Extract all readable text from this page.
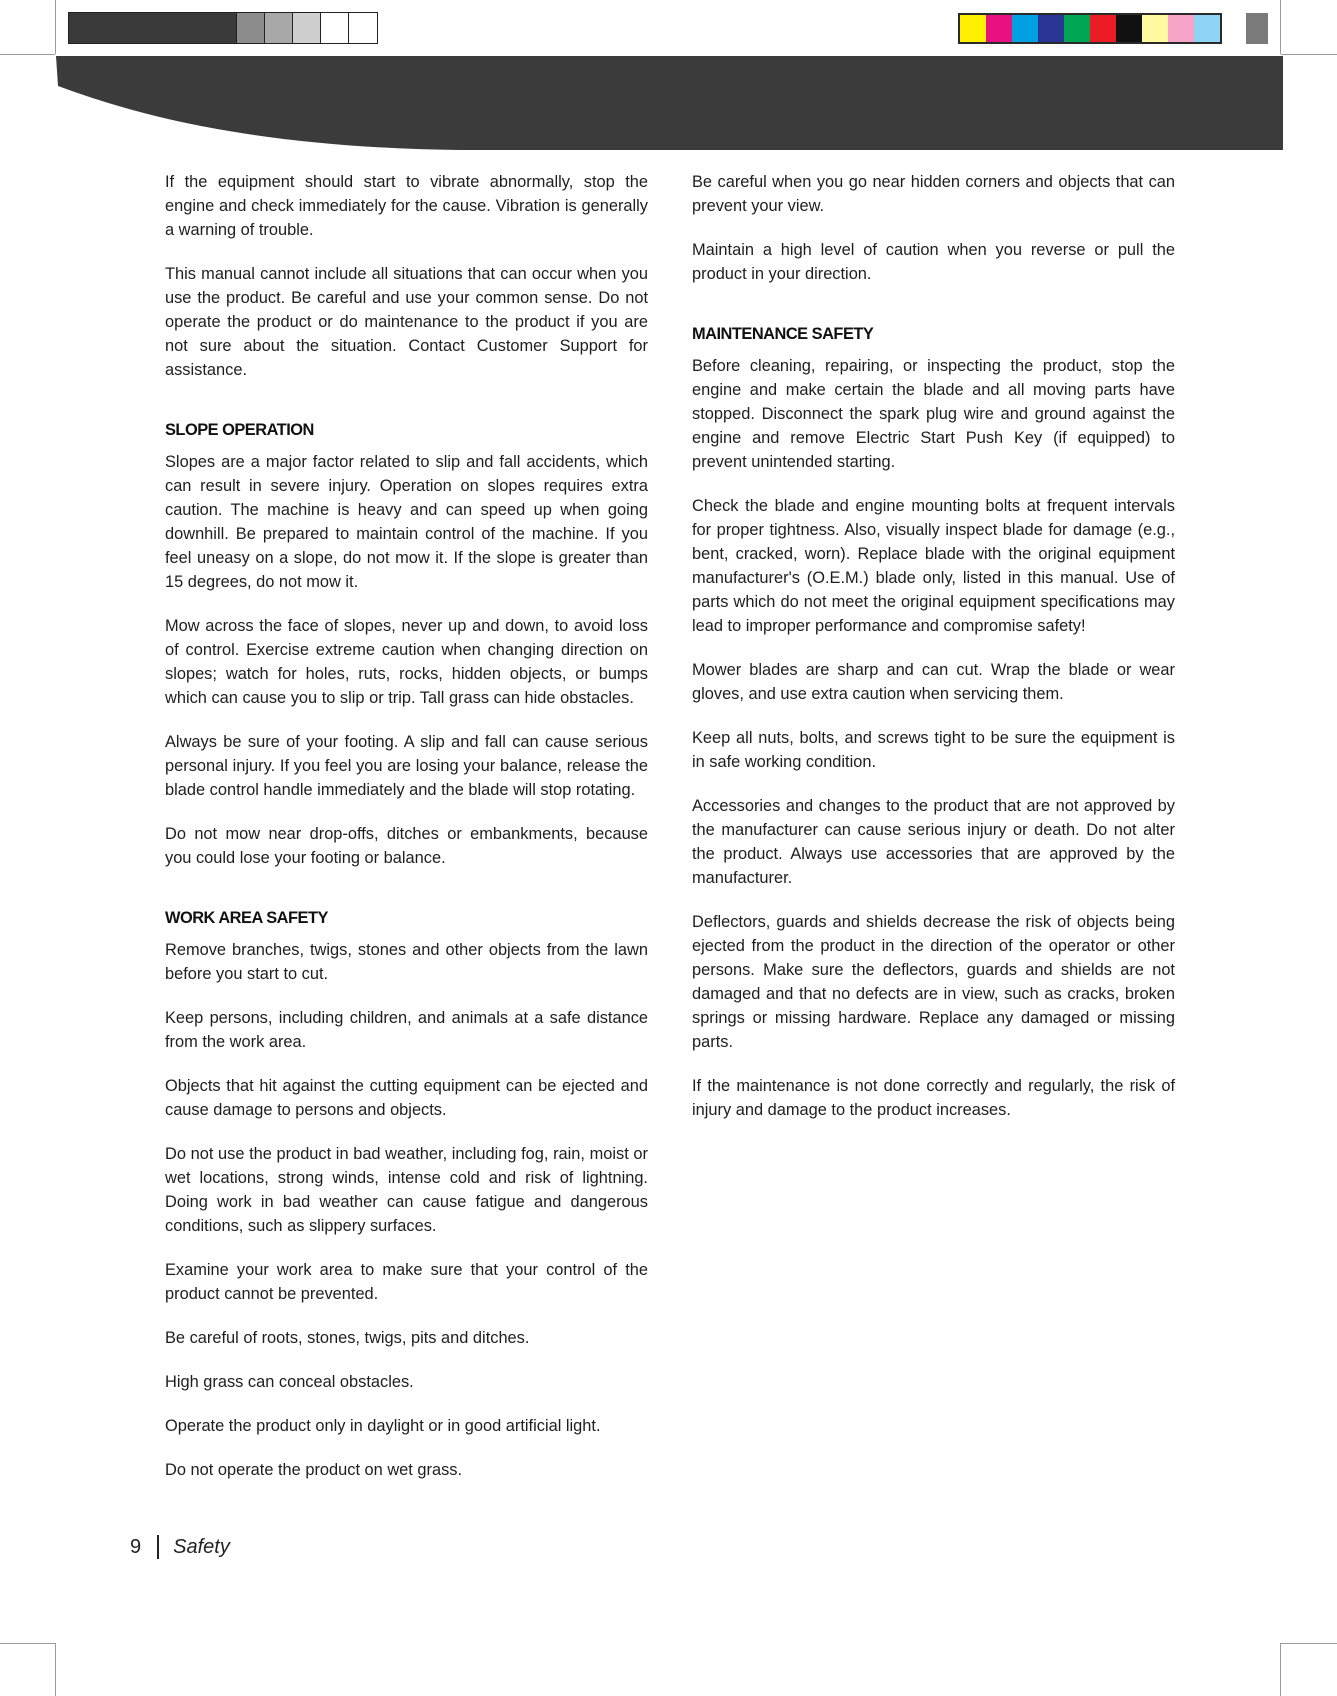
If the equipment should start to vibrate abnormally, stop the engine and check immediately for the cause. Vibration is generally a warning of trouble.

This manual cannot include all situations that can occur when you use the product. Be careful and use your common sense. Do not operate the product or do maintenance to the product if you are not sure about the situation. Contact Customer Support for assistance.

SLOPE OPERATION

Slopes are a major factor related to slip and fall accidents, which can result in severe injury. Operation on slopes requires extra caution. The machine is heavy and can speed up when going downhill. Be prepared to maintain control of the machine. If you feel uneasy on a slope, do not mow it. If the slope is greater than 15 degrees, do not mow it.

Mow across the face of slopes, never up and down, to avoid loss of control. Exercise extreme caution when changing direction on slopes; watch for holes, ruts, rocks, hidden objects, or bumps which can cause you to slip or trip. Tall grass can hide obstacles.

Always be sure of your footing. A slip and fall can cause serious personal injury. If you feel you are losing your balance, release the blade control handle immediately and the blade will stop rotating.

Do not mow near drop-offs, ditches or embankments, because you could lose your footing or balance.

WORK AREA SAFETY

Remove branches, twigs, stones and other objects from the lawn before you start to cut.

Keep persons, including children, and animals at a safe distance from the work area.

Objects that hit against the cutting equipment can be ejected and cause damage to persons and objects.

Do not use the product in bad weather, including fog, rain, moist or wet locations, strong winds, intense cold and risk of lightning. Doing work in bad weather can cause fatigue and dangerous conditions, such as slippery surfaces.

Examine your work area to make sure that your control of the product cannot be prevented.

Be careful of roots, stones, twigs, pits and ditches.

High grass can conceal obstacles.

Operate the product only in daylight or in good artificial light.

Do not operate the product on wet grass.

Be careful when you go near hidden corners and objects that can prevent your view.

Maintain a high level of caution when you reverse or pull the product in your direction.

MAINTENANCE SAFETY

Before cleaning, repairing, or inspecting the product, stop the engine and make certain the blade and all moving parts have stopped. Disconnect the spark plug wire and ground against the engine and remove Electric Start Push Key (if equipped) to prevent unintended starting.

Check the blade and engine mounting bolts at frequent intervals for proper tightness. Also, visually inspect blade for damage (e.g., bent, cracked, worn). Replace blade with the original equipment manufacturer's (O.E.M.) blade only, listed in this manual. Use of parts which do not meet the original equipment specifications may lead to improper performance and compromise safety!

Mower blades are sharp and can cut. Wrap the blade or wear gloves, and use extra caution when servicing them.

Keep all nuts, bolts, and screws tight to be sure the equipment is in safe working condition.

Accessories and changes to the product that are not approved by the manufacturer can cause serious injury or death. Do not alter the product. Always use accessories that are approved by the manufacturer.

Deflectors, guards and shields decrease the risk of objects being ejected from the product in the direction of the operator or other persons. Make sure the deflectors, guards and shields are not damaged and that no defects are in view, such as cracks, broken springs or missing hardware. Replace any damaged or missing parts.

If the maintenance is not done correctly and regularly, the risk of injury and damage to the product increases.

9 Safety
